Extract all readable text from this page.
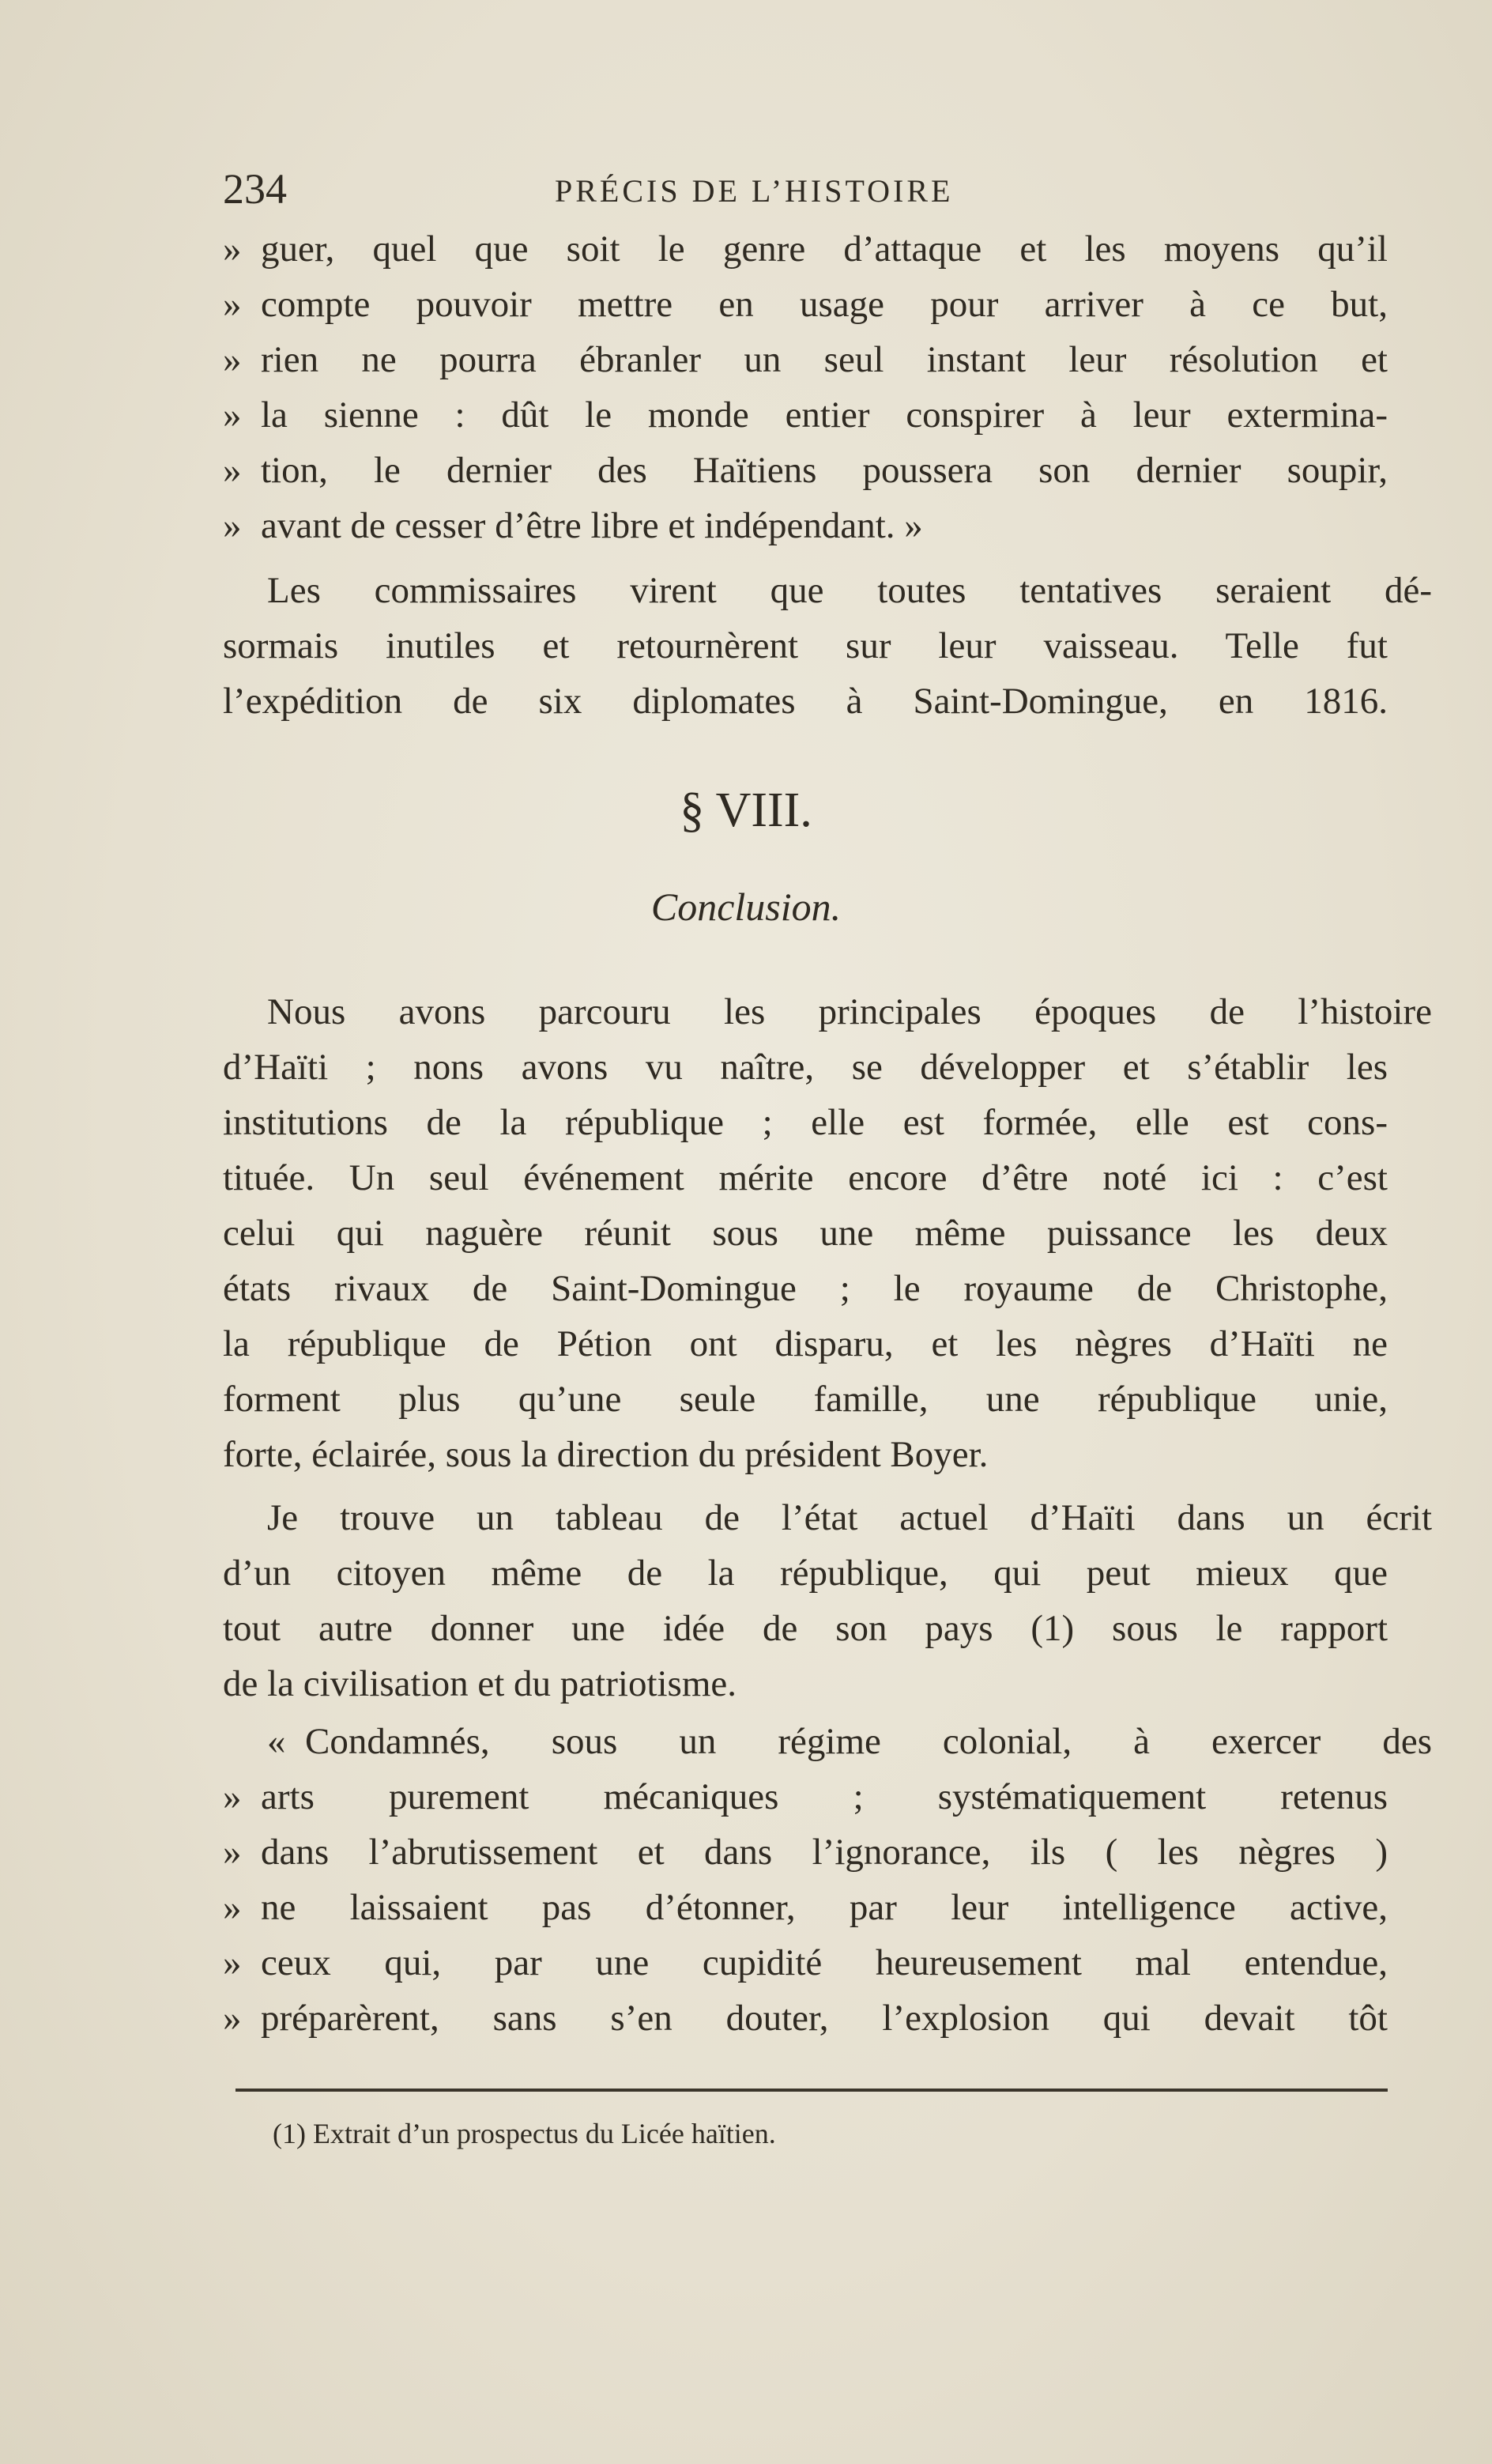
234	PRÉCIS DE L’HISTOIRE
» guer, quel que soit le genre d’attaque et les moyens qu’il
» compte pouvoir mettre en usage pour arriver à ce but,
» rien ne pourra ébranler un seul instant leur résolution et
» la sienne : dût le monde entier conspirer à leur extermina-
» tion, le dernier des Haïtiens poussera son dernier soupir,
» avant de cesser d’être libre et indépendant. »
Les commissaires virent que toutes tentatives seraient dé-
sormais inutiles et retournèrent sur leur vaisseau. Telle fut
l’expédition de six diplomates à Saint-Domingue, en 1816.
§ VIII.
Conclusion.
Nous avons parcouru les principales époques de l’histoire
d’Haïti ; nons avons vu naître, se développer et s’établir les
institutions de la république ; elle est formée, elle est cons-
tituée. Un seul événement mérite encore d’être noté ici : c’est
celui qui naguère réunit sous une même puissance les deux
états rivaux de Saint-Domingue ; le royaume de Christophe,
la république de Pétion ont disparu, et les nègres d’Haïti ne
forment plus qu’une seule famille, une république unie,
forte, éclairée, sous la direction du président Boyer.
Je trouve un tableau de l’état actuel d’Haïti dans un écrit
d’un citoyen même de la république, qui peut mieux que
tout autre donner une idée de son pays (1) sous le rapport
de la civilisation et du patriotisme.
« Condamnés, sous un régime colonial, à exercer des
» arts purement mécaniques ; systématiquement retenus
» dans l’abrutissement et dans l’ignorance, ils ( les nègres )
» ne laissaient pas d’étonner, par leur intelligence active,
» ceux qui, par une cupidité heureusement mal entendue,
» préparèrent, sans s’en douter, l’explosion qui devait tôt
(1) Extrait d’un prospectus du Licée haïtien.
